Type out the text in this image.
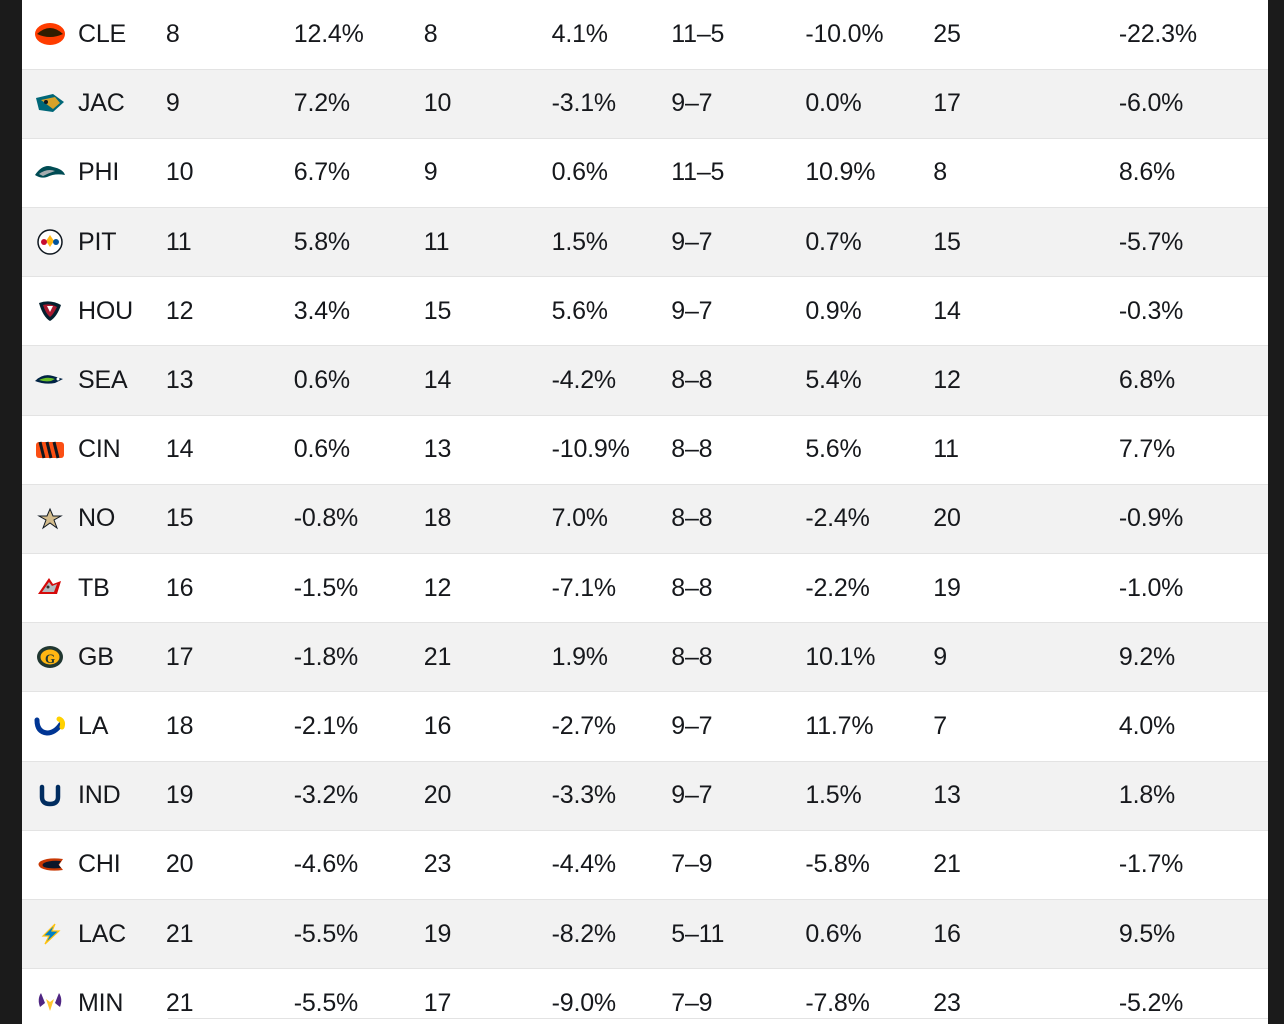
CLE	8	12.4%	8	4.1%	11–5	-10.0%	25	-22.3%

JAC	9	7.2%	10	-3.1%	9–7	0.0%	17	-6.0%

PHI	10	6.7%	9	0.6%	11–5	10.9%	8	8.6%

PIT	11	5.8%	11	1.5%	9–7	0.7%	15	-5.7%

HOU	12	3.4%	15	5.6%	9–7	0.9%	14	-0.3%

SEA	13	0.6%	14	-4.2%	8–8	5.4%	12	6.8%

CIN	14	0.6%	13	-10.9%	8–8	5.6%	11	7.7%

NO	15	-0.8%	18	7.0%	8–8	-2.4%	20	-0.9%

TB	16	-1.5%	12	-7.1%	8–8	-2.2%	19	-1.0%

G GB	17	-1.8%	21	1.9%	8–8	10.1%	9	9.2%

LA	18	-2.1%	16	-2.7%	9–7	11.7%	7	4.0%

IND	19	-3.2%	20	-3.3%	9–7	1.5%	13	1.8%

CHI	20	-4.6%	23	-4.4%	7–9	-5.8%	21	-1.7%

LAC	21	-5.5%	19	-8.2%	5–11	0.6%	16	9.5%

MIN	21	-5.5%	17	-9.0%	7–9	-7.8%	23	-5.2%
